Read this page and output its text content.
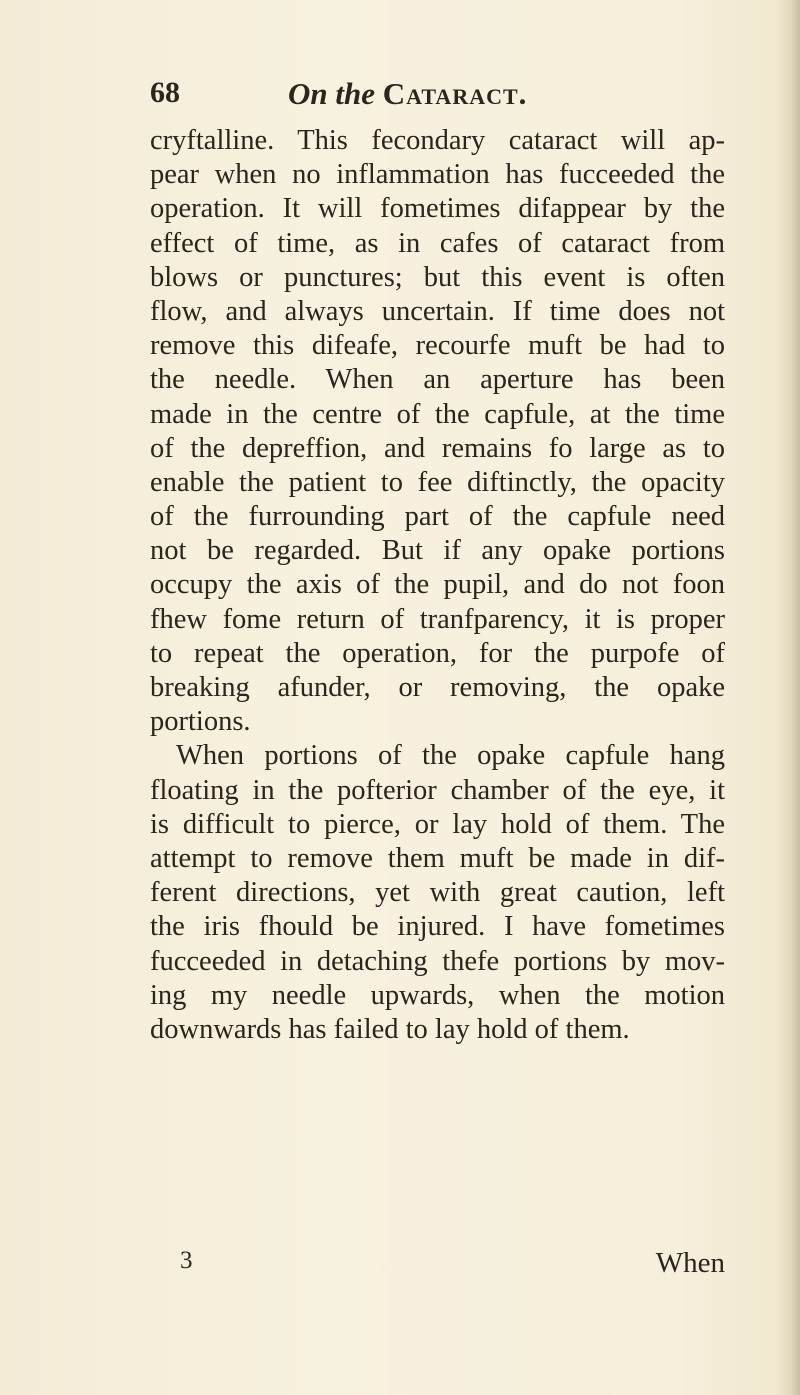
68	On the Cataract.
cryftalline. This fecondary cataract will ap-
pear when no inflammation has fucceeded the
operation. It will fometimes difappear by the
effect of time, as in cafes of cataract from
blows or punctures; but this event is often
flow, and always uncertain. If time does not
remove this difeafe, recourfe muft be had to
the needle. When an aperture has been
made in the centre of the capfule, at the time
of the depreffion, and remains fo large as to
enable the patient to fee diftinctly, the opacity
of the furrounding part of the capfule need
not be regarded. But if any opake portions
occupy the axis of the pupil, and do not foon
fhew fome return of tranfparency, it is proper
to repeat the operation, for the purpofe of
breaking afunder, or removing, the opake
portions.
When portions of the opake capfule hang
floating in the pofterior chamber of the eye, it
is difficult to pierce, or lay hold of them. The
attempt to remove them muft be made in dif-
ferent directions, yet with great caution, left
the iris fhould be injured. I have fometimes
fucceeded in detaching thefe portions by mov-
ing my needle upwards, when the motion
downwards has failed to lay hold of them.
3	When
